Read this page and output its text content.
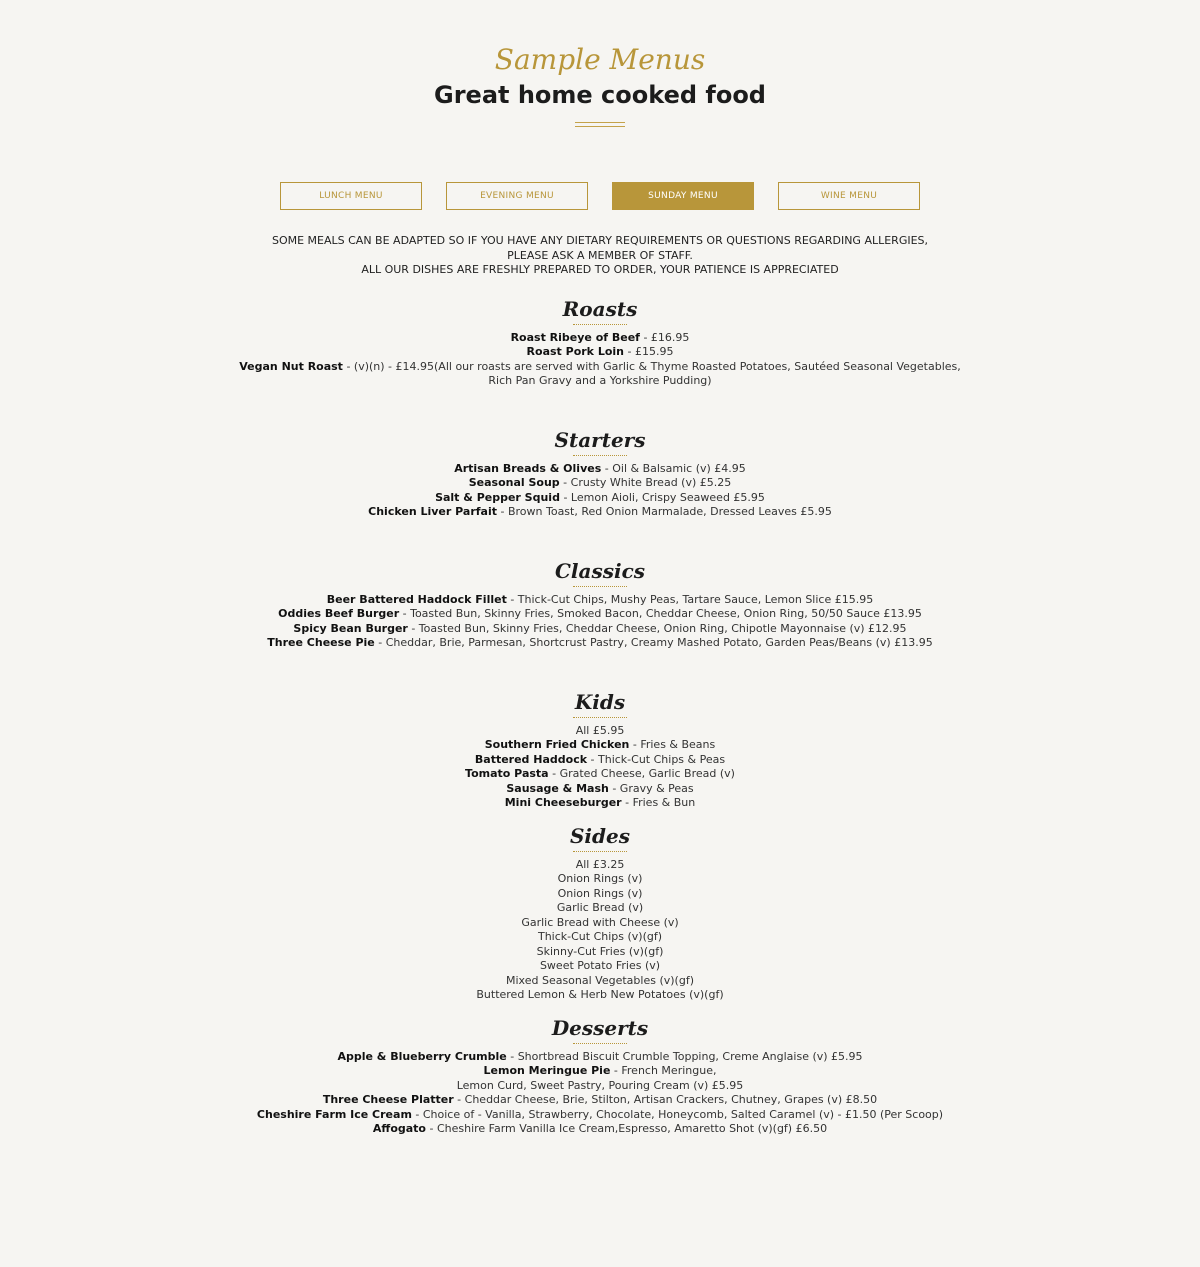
Sample Menus

Great home cooked food
LUNCH MENU	EVENING MENU	SUNDAY MENU	WINE MENU
SOME MEALS CAN BE ADAPTED SO IF YOU HAVE ANY DIETARY REQUIREMENTS OR QUESTIONS REGARDING ALLERGIES,
PLEASE ASK A MEMBER OF STAFF.
ALL OUR DISHES ARE FRESHLY PREPARED TO ORDER, YOUR PATIENCE IS APPRECIATED
Roasts
Roast Ribeye of Beef - £16.95
Roast Pork Loin - £15.95
Vegan Nut Roast - (v)(n) - £14.95(All our roasts are served with Garlic & Thyme Roasted Potatoes, Sautéed Seasonal Vegetables,
Rich Pan Gravy and a Yorkshire Pudding)
Starters
Artisan Breads & Olives - Oil & Balsamic (v) £4.95
Seasonal Soup - Crusty White Bread (v) £5.25
Salt & Pepper Squid - Lemon Aioli, Crispy Seaweed £5.95
Chicken Liver Parfait - Brown Toast, Red Onion Marmalade, Dressed Leaves £5.95
Classics
Beer Battered Haddock Fillet - Thick-Cut Chips, Mushy Peas, Tartare Sauce, Lemon Slice £15.95
Oddies Beef Burger - Toasted Bun, Skinny Fries, Smoked Bacon, Cheddar Cheese, Onion Ring, 50/50 Sauce £13.95
Spicy Bean Burger - Toasted Bun, Skinny Fries, Cheddar Cheese, Onion Ring, Chipotle Mayonnaise (v) £12.95
Three Cheese Pie - Cheddar, Brie, Parmesan, Shortcrust Pastry, Creamy Mashed Potato, Garden Peas/Beans (v) £13.95
Kids
All £5.95
Southern Fried Chicken - Fries & Beans
Battered Haddock - Thick-Cut Chips & Peas
Tomato Pasta - Grated Cheese, Garlic Bread (v)
Sausage & Mash - Gravy & Peas
Mini Cheeseburger - Fries & Bun
Sides
All £3.25
Onion Rings (v)
Onion Rings (v)
Garlic Bread (v)
Garlic Bread with Cheese (v)
Thick-Cut Chips (v)(gf)
Skinny-Cut Fries (v)(gf)
Sweet Potato Fries (v)
Mixed Seasonal Vegetables (v)(gf)
Buttered Lemon & Herb New Potatoes (v)(gf)
Desserts
Apple & Blueberry Crumble - Shortbread Biscuit Crumble Topping, Creme Anglaise (v) £5.95
Lemon Meringue Pie - French Meringue,
Lemon Curd, Sweet Pastry, Pouring Cream (v) £5.95
Three Cheese Platter - Cheddar Cheese, Brie, Stilton, Artisan Crackers, Chutney, Grapes (v) £8.50
Cheshire Farm Ice Cream - Choice of - Vanilla, Strawberry, Chocolate, Honeycomb, Salted Caramel (v) - £1.50 (Per Scoop)
Affogato - Cheshire Farm Vanilla Ice Cream,Espresso, Amaretto Shot (v)(gf) £6.50
